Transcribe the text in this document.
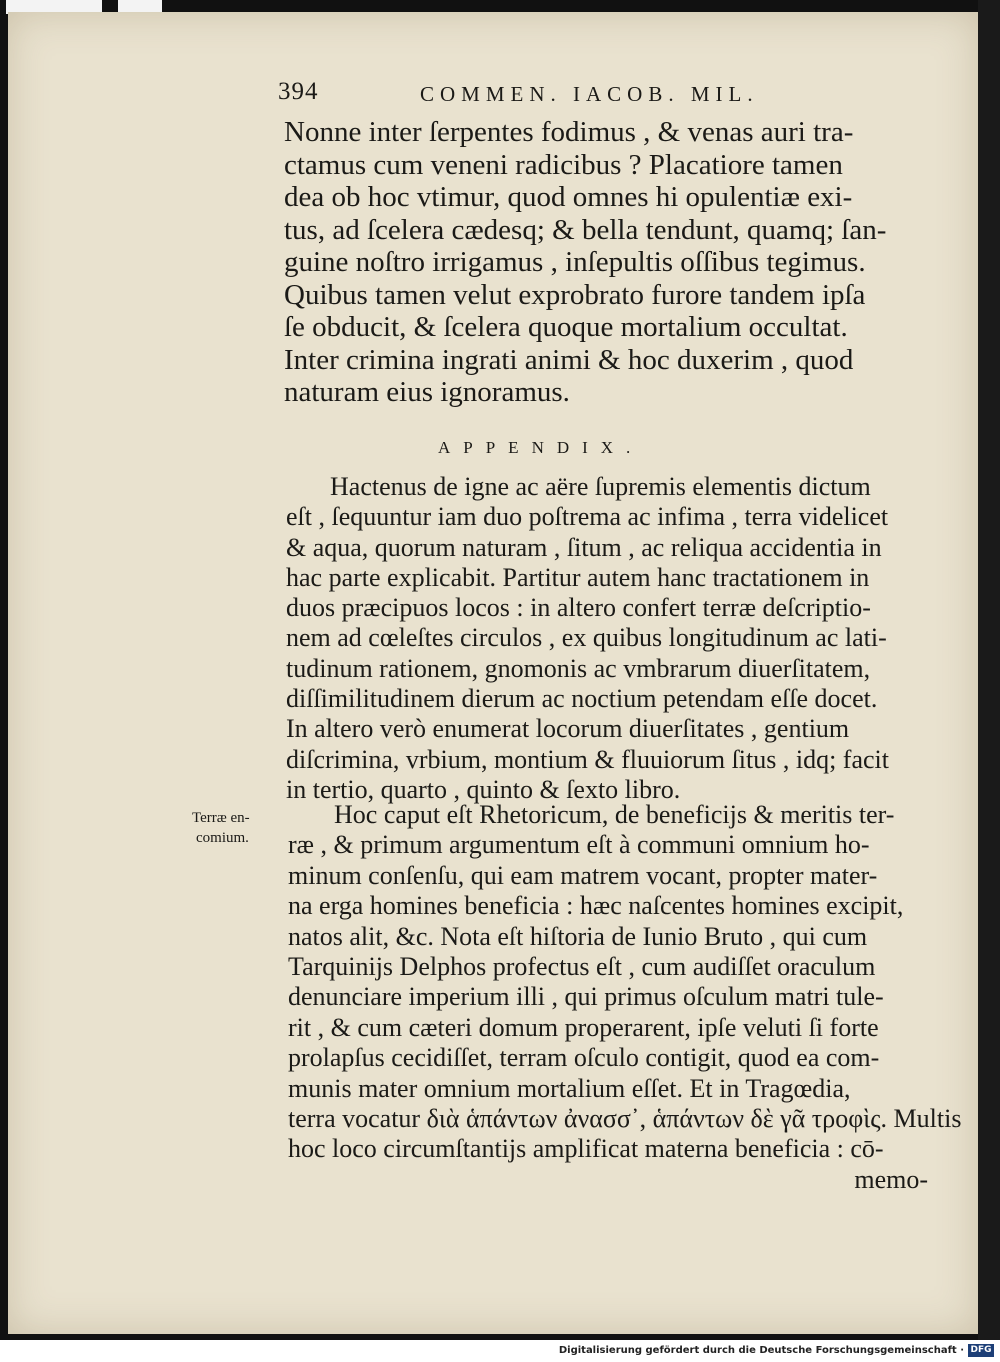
394	COMMEN. IACOB. MIL.

Nonne inter ſerpentes fodimus , & venas auri tra-

ctamus cum veneni radicibus ? Placatiore tamen

dea ob hoc vtimur, quod omnes hi opulentiæ exi-

tus, ad ſcelera cædesq; & bella tendunt, quamq; ſan-

guine noſtro irrigamus , inſepultis oſſibus tegimus.

Quibus tamen velut exprobrato furore tandem ipſa

ſe obducit, & ſcelera quoque mortalium occultat.

Inter crimina ingrati animi & hoc duxerim , quod

naturam eius ignoramus.

APPENDIX.

Hactenus de igne ac aëre ſupremis elementis dictum

eſt , ſequuntur iam duo poſtrema ac infima , terra videlicet

& aqua, quorum naturam , ſitum , ac reliqua accidentia in

hac parte explicabit. Partitur autem hanc tractationem in

duos præcipuos locos : in altero confert terræ deſcriptio-

nem ad cœleſtes circulos , ex quibus longitudinum ac lati-

tudinum rationem, gnomonis ac vmbrarum diuerſitatem,

diſſimilitudinem dierum ac noctium petendam eſſe docet.

In altero verò enumerat locorum diuerſitates , gentium

diſcrimina, vrbium, montium & fluuiorum ſitus , idq; facit

in tertio, quarto , quinto & ſexto libro.

Terræ en-
comium.

Hoc caput eſt Rhetoricum, de beneficijs & meritis ter-

ræ , & primum argumentum eſt à communi omnium ho-

minum conſenſu, qui eam matrem vocant, propter mater-

na erga homines beneficia : hæc naſcentes homines excipit,

natos alit, &c. Nota eſt hiſtoria de Iunio Bruto , qui cum

Tarquinijs Delphos profectus eſt , cum audiſſet oraculum

denunciare imperium illi , qui primus oſculum matri tule-

rit , & cum cæteri domum properarent, ipſe veluti ſi forte

prolapſus cecidiſſet, terram oſculo contigit, quod ea com-

munis mater omnium mortalium eſſet. Et in Tragœdia,

terra vocatur διὰ ἁπάντων ἀνασσ᾽, ἁπάντων δὲ γᾶ τροφὶς. Multis

hoc loco circumſtantijs amplificat materna beneficia : cō-

memo-

Digitalisierung gefördert durch die Deutsche Forschungsgemeinschaft · DFG
